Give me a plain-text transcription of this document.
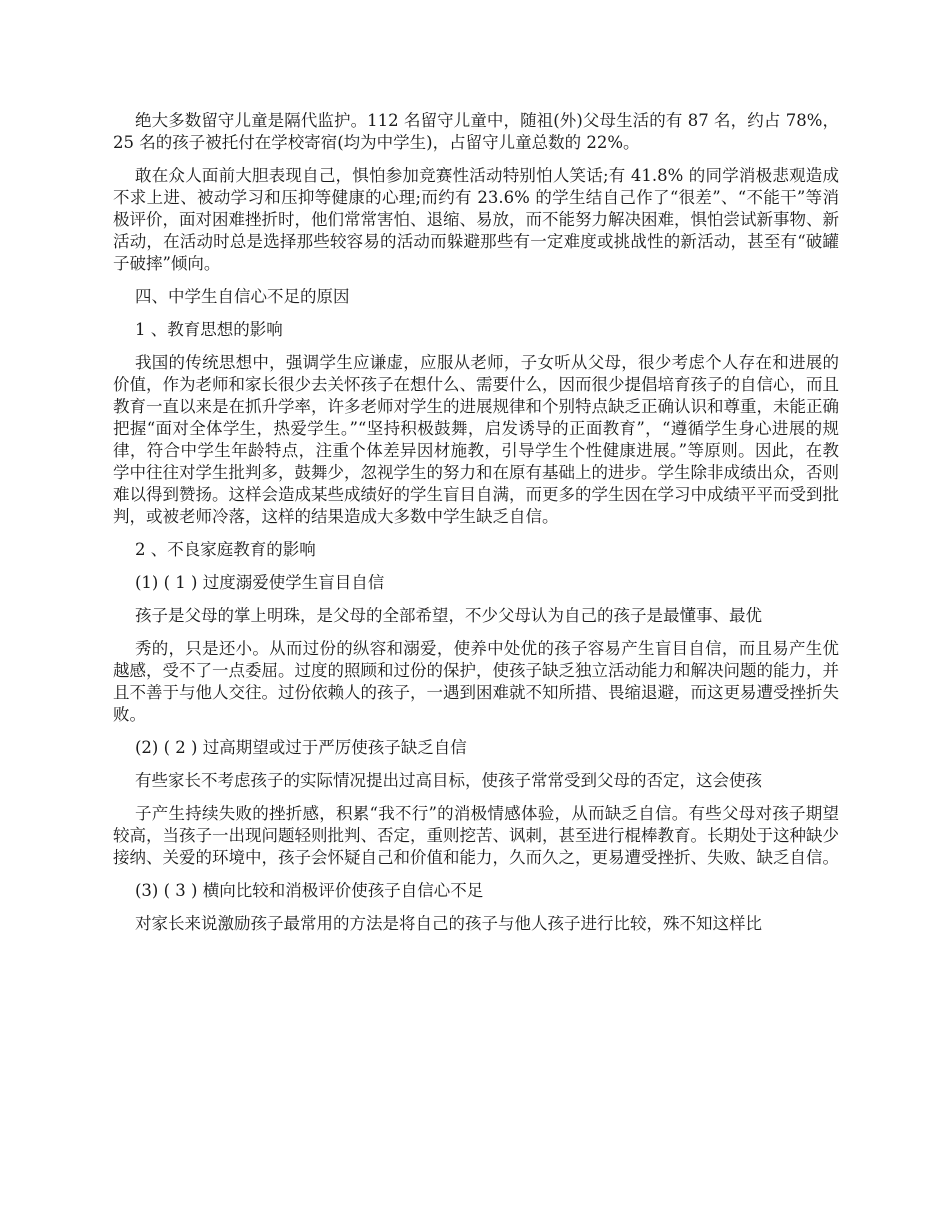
绝大多数留守儿童是隔代监护。112 名留守儿童中，随祖(外)父母生活的有 87 名，约占 78%，25 名的孩子被托付在学校寄宿(均为中学生)，占留守儿童总数的 22%。

敢在众人面前大胆表现自己，惧怕参加竞赛性活动特别怕人笑话;有 41.8% 的同学消极悲观造成不求上进、被动学习和压抑等健康的心理;而约有 23.6% 的学生结自己作了“很差”、“不能干”等消极评价，面对困难挫折时，他们常常害怕、退缩、易放，而不能努力解决困难，惧怕尝试新事物、新活动，在活动时总是选择那些较容易的活动而躲避那些有一定难度或挑战性的新活动，甚至有“破罐子破摔”倾向。

四、中学生自信心不足的原因

1 、教育思想的影响

我国的传统思想中，强调学生应谦虚，应服从老师，子女听从父母，很少考虑个人存在和进展的价值，作为老师和家长很少去关怀孩子在想什么、需要什么，因而很少提倡培育孩子的自信心，而且教育一直以来是在抓升学率，许多老师对学生的进展规律和个别特点缺乏正确认识和尊重，未能正确把握“面对全体学生，热爱学生。”“坚持积极鼓舞，启发诱导的正面教育”，“遵循学生身心进展的规律，符合中学生年龄特点，注重个体差异因材施教，引导学生个性健康进展。”等原则。因此，在教学中往往对学生批判多，鼓舞少，忽视学生的努力和在原有基础上的进步。学生除非成绩出众，否则难以得到赞扬。这样会造成某些成绩好的学生盲目自满，而更多的学生因在学习中成绩平平而受到批判，或被老师冷落，这样的结果造成大多数中学生缺乏自信。

2 、不良家庭教育的影响

(1) ( 1 ) 过度溺爱使学生盲目自信

孩子是父母的掌上明珠，是父母的全部希望，不少父母认为自己的孩子是最懂事、最优

秀的，只是还小。从而过份的纵容和溺爱，使养中处优的孩子容易产生盲目自信，而且易产生优越感，受不了一点委屈。过度的照顾和过份的保护，使孩子缺乏独立活动能力和解决问题的能力，并且不善于与他人交往。过份依赖人的孩子，一遇到困难就不知所措、畏缩退避，而这更易遭受挫折失败。

(2) ( 2 ) 过高期望或过于严厉使孩子缺乏自信

有些家长不考虑孩子的实际情况提出过高目标，使孩子常常受到父母的否定，这会使孩

子产生持续失败的挫折感，积累“我不行”的消极情感体验，从而缺乏自信。有些父母对孩子期望较高，当孩子一出现问题轻则批判、否定，重则挖苦、讽刺，甚至进行棍棒教育。长期处于这种缺少接纳、关爱的环境中，孩子会怀疑自己和价值和能力，久而久之，更易遭受挫折、失败、缺乏自信。

(3) ( 3 ) 横向比较和消极评价使孩子自信心不足

对家长来说激励孩子最常用的方法是将自己的孩子与他人孩子进行比较，殊不知这样比
